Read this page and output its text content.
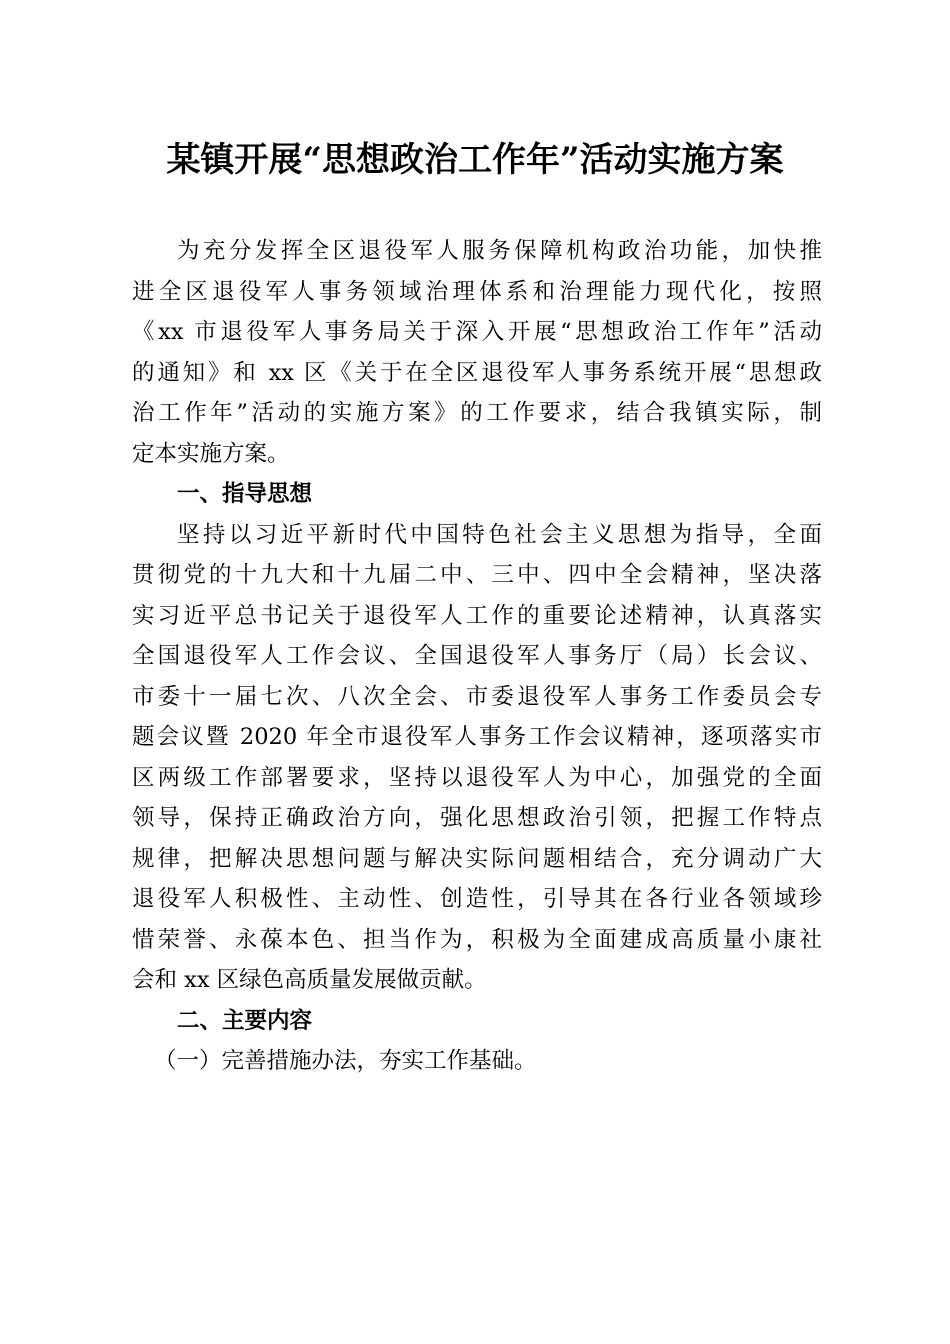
某镇开展“思想政治工作年”活动实施方案
为充分发挥全区退役军人服务保障机构政治功能，加快推
进全区退役军人事务领域治理体系和治理能力现代化，按照
《xx 市退役军人事务局关于深入开展“思想政治工作年”活动
的通知》和 xx 区《关于在全区退役军人事务系统开展“思想政
治工作年”活动的实施方案》的工作要求，结合我镇实际，制
定本实施方案。
一、指导思想
坚持以习近平新时代中国特色社会主义思想为指导，全面
贯彻党的十九大和十九届二中、三中、四中全会精神，坚决落
实习近平总书记关于退役军人工作的重要论述精神，认真落实
全国退役军人工作会议、全国退役军人事务厅（局）长会议、
市委十一届七次、八次全会、市委退役军人事务工作委员会专
题会议暨 2020 年全市退役军人事务工作会议精神，逐项落实市
区两级工作部署要求，坚持以退役军人为中心，加强党的全面
领导，保持正确政治方向，强化思想政治引领，把握工作特点
规律，把解决思想问题与解决实际问题相结合，充分调动广大
退役军人积极性、主动性、创造性，引导其在各行业各领域珍
惜荣誉、永葆本色、担当作为，积极为全面建成高质量小康社
会和 xx 区绿色高质量发展做贡献。
二、主要内容
（一）完善措施办法，夯实工作基础。
